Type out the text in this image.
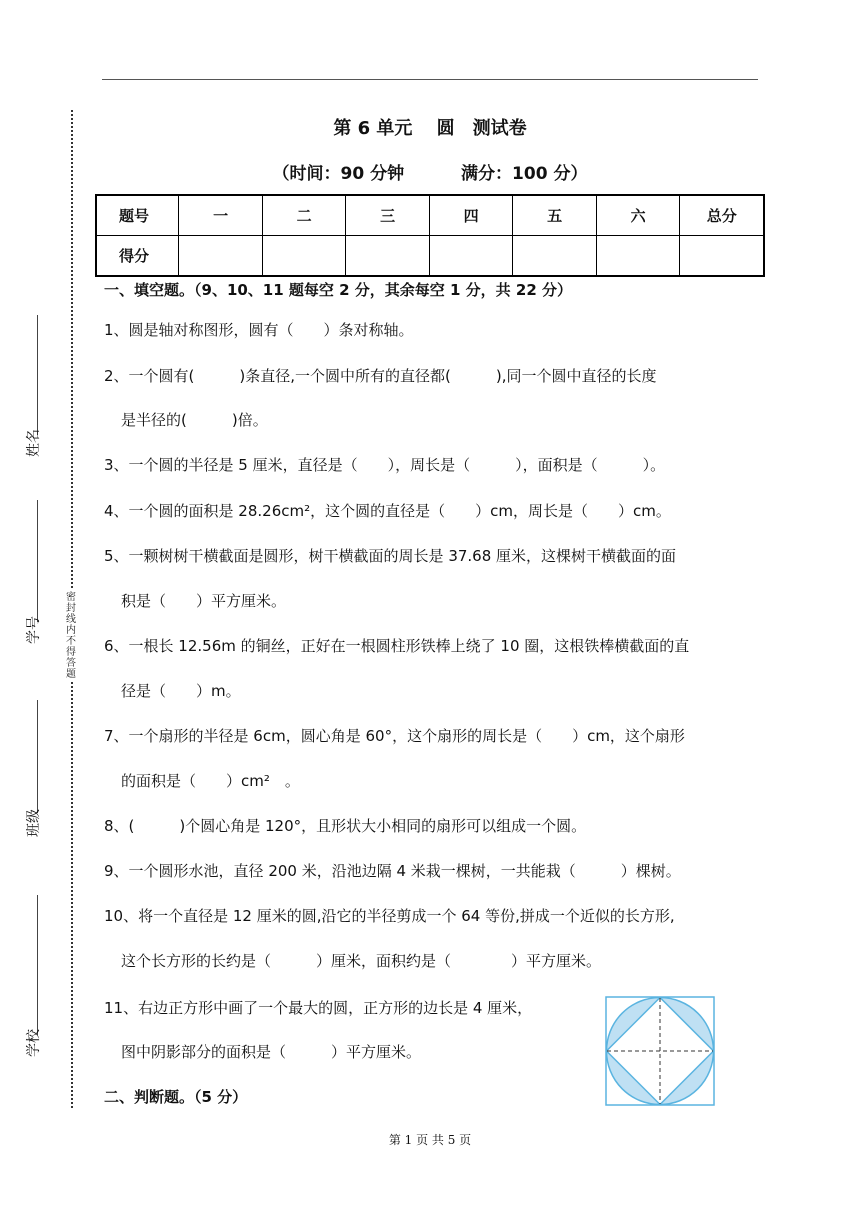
密封线内不得答题
姓名
学号
班级
学校
第 6 单元　 圆　测试卷
（时间：90 分钟　　　 满分：100 分）
题号	一	二	三	四	五	六	总分
得分							
一、填空题。（9、10、11 题每空 2 分，其余每空 1 分，共 22 分）
1、圆是轴对称图形，圆有（　　）条对称轴。
2、一个圆有(　　　)条直径,一个圆中所有的直径都(　　　),同一个圆中直径的长度
是半径的(　　　)倍。
3、一个圆的半径是 5 厘米，直径是（　　），周长是（　　　），面积是（　　　）。
4、一个圆的面积是 28.26cm²，这个圆的直径是（　　）cm，周长是（　　）cm。
5、一颗树树干横截面是圆形，树干横截面的周长是 37.68 厘米，这棵树干横截面的面
积是（　　）平方厘米。
6、一根长 12.56m 的铜丝，正好在一根圆柱形铁棒上绕了 10 圈，这根铁棒横截面的直
径是（　　）m。
7、一个扇形的半径是 6cm，圆心角是 60°，这个扇形的周长是（　　）cm，这个扇形
的面积是（　　）cm²　。
8、(　　　)个圆心角是 120°，且形状大小相同的扇形可以组成一个圆。
9、一个圆形水池，直径 200 米，沿池边隔 4 米栽一棵树，一共能栽（　　　）棵树。
10、将一个直径是 12 厘米的圆,沿它的半径剪成一个 64 等份,拼成一个近似的长方形,
这个长方形的长约是（　　　）厘米，面积约是（　　　　）平方厘米。
11、右边正方形中画了一个最大的圆，正方形的边长是 4 厘米，
图中阴影部分的面积是（　　　）平方厘米。
二、判断题。（5 分）
第 1 页 共 5 页
